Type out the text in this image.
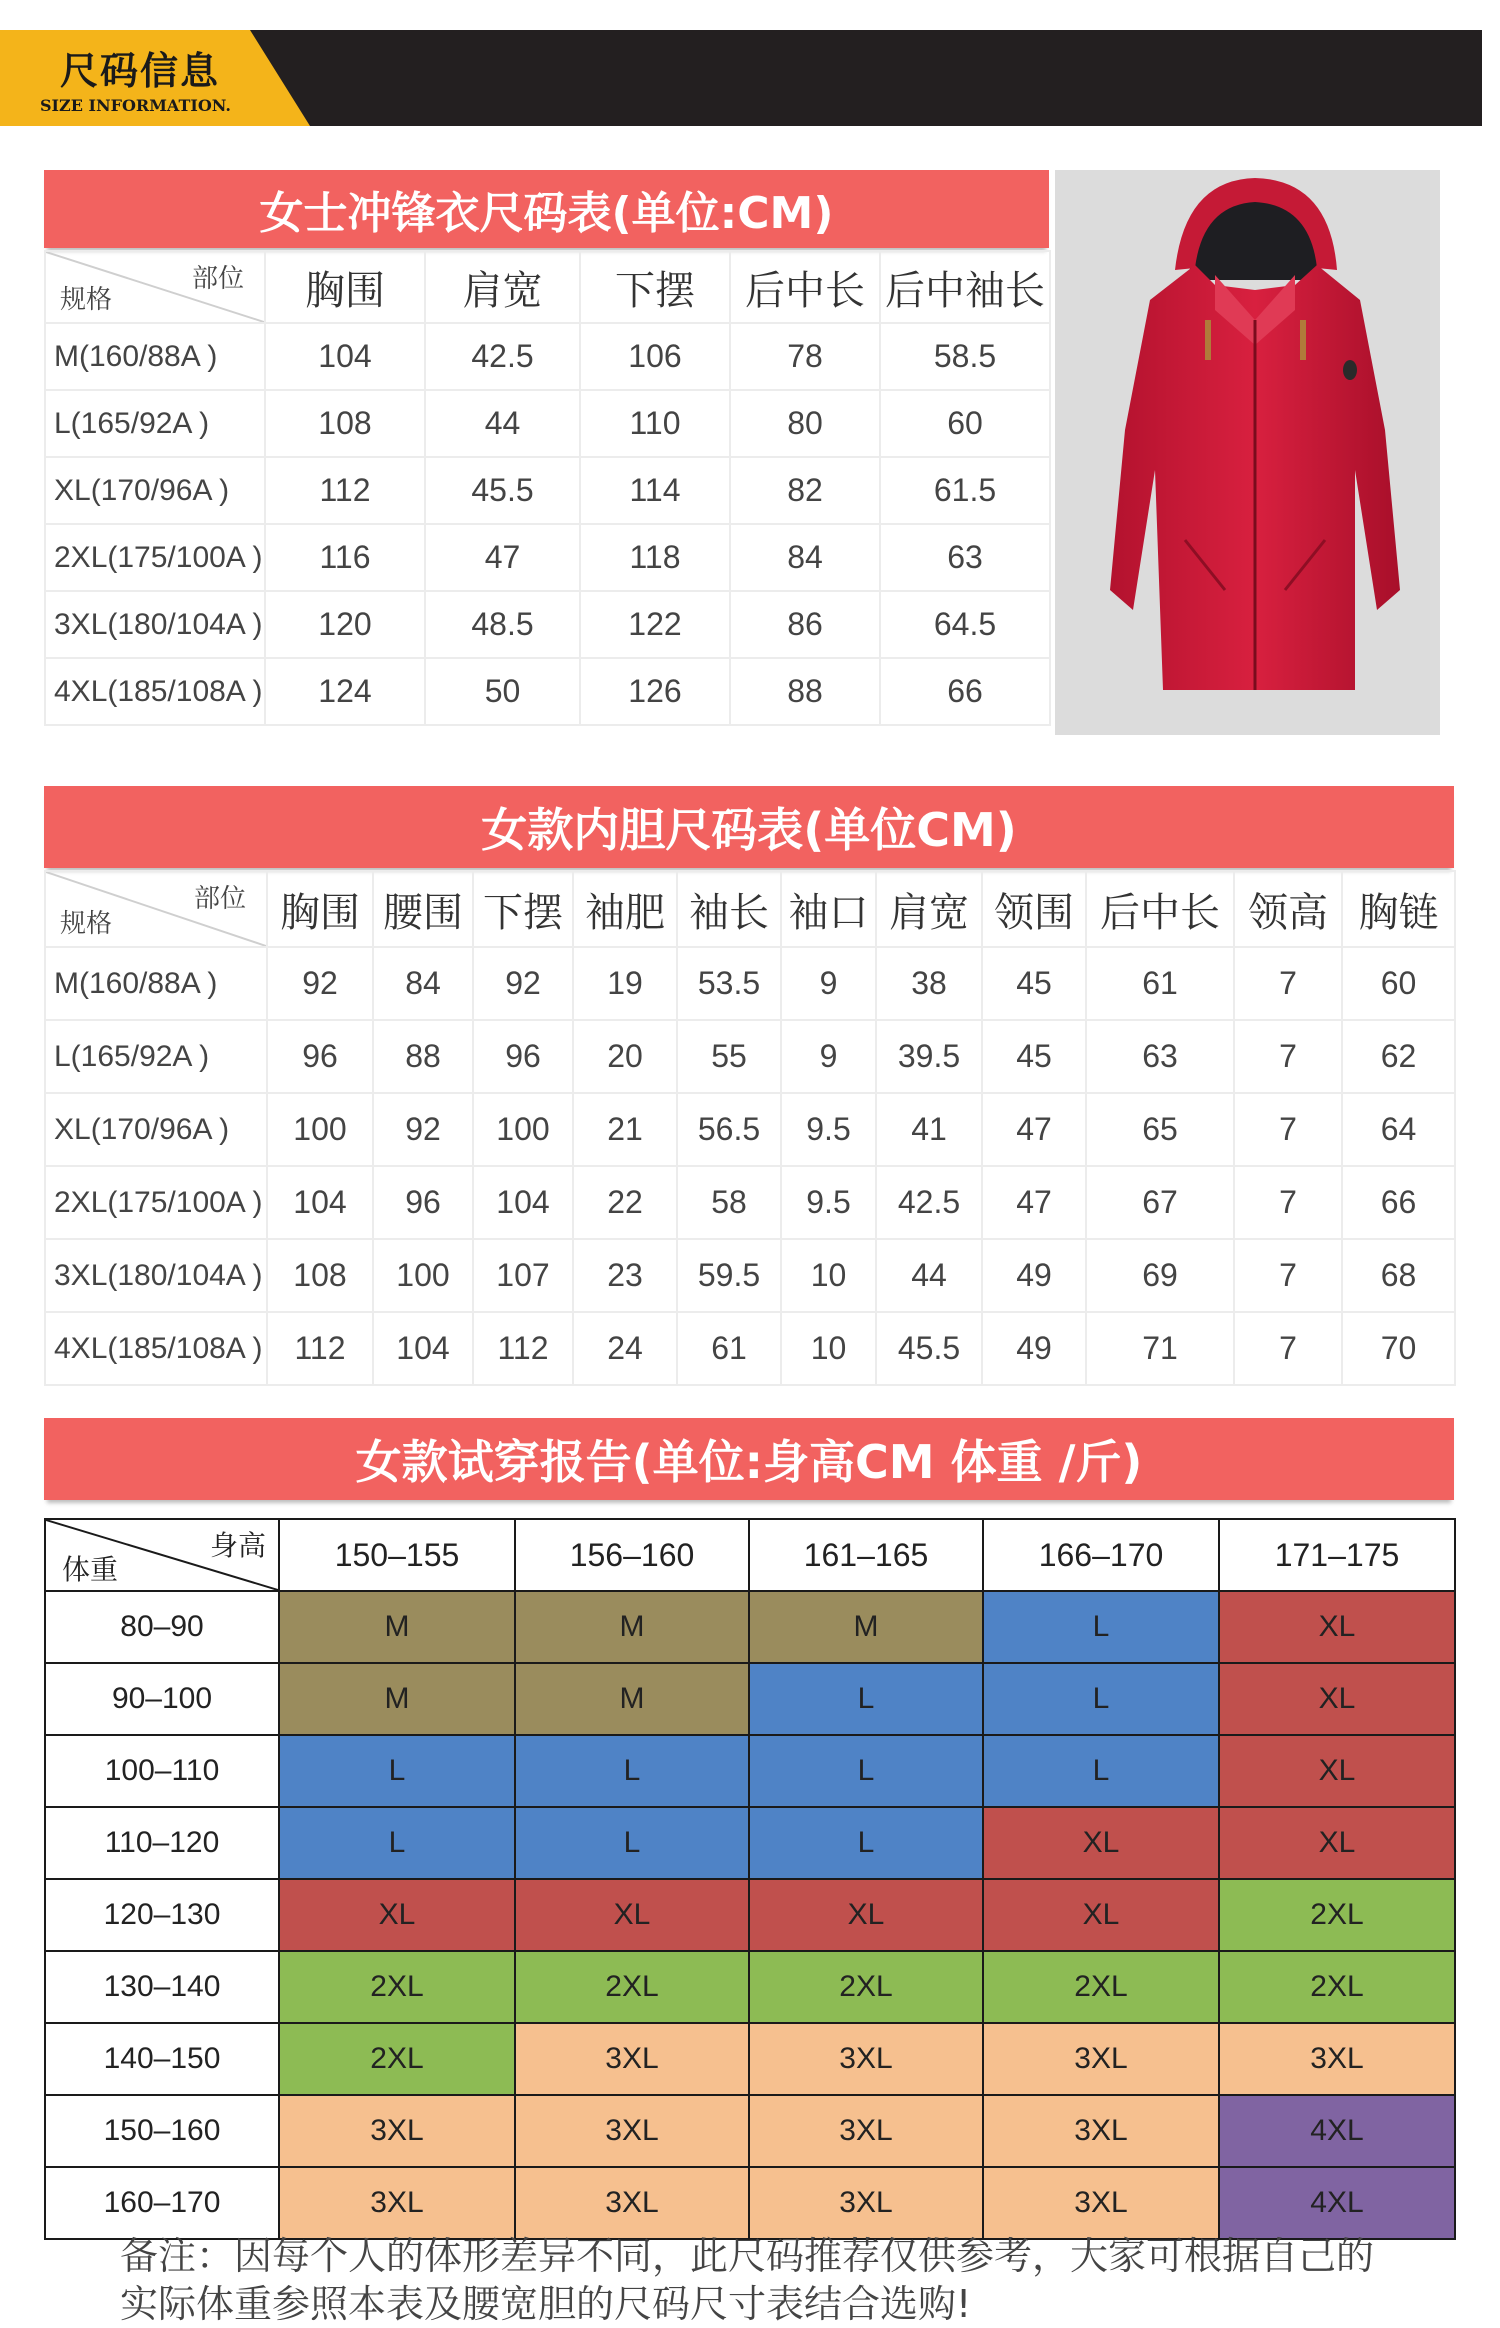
尺码信息
SIZE INFORMATION.
女士冲锋衣尺码表(单位:CM)
部位
规格	胸围	肩宽	下摆	后中长	后中袖长
M(160/88A )	104	42.5	106	78	58.5
L(165/92A )	108	44	110	80	60
XL(170/96A )	112	45.5	114	82	61.5
2XL(175/100A )	116	47	118	84	63
3XL(180/104A )	120	48.5	122	86	64.5
4XL(185/108A )	124	50	126	88	66
女款内胆尺码表(单位CM)
部位
规格	胸围	腰围	下摆	袖肥	袖长	袖口	肩宽	领围	后中长	领高	胸链
M(160/88A )	92	84	92	19	53.5	9	38	45	61	7	60
L(165/92A )	96	88	96	20	55	9	39.5	45	63	7	62
XL(170/96A )	100	92	100	21	56.5	9.5	41	47	65	7	64
2XL(175/100A )	104	96	104	22	58	9.5	42.5	47	67	7	66
3XL(180/104A )	108	100	107	23	59.5	10	44	49	69	7	68
4XL(185/108A )	112	104	112	24	61	10	45.5	49	71	7	70
女款试穿报告(单位:身高CM 体重 /斤)
身高
体重	150–155	156–160	161–165	166–170	171–175
80–90	M	M	M	L	XL
90–100	M	M	L	L	XL
100–110	L	L	L	L	XL
110–120	L	L	L	XL	XL
120–130	XL	XL	XL	XL	2XL
130–140	2XL	2XL	2XL	2XL	2XL
140–150	2XL	3XL	3XL	3XL	3XL
150–160	3XL	3XL	3XL	3XL	4XL
160–170	3XL	3XL	3XL	3XL	4XL
备注：因每个人的体形差异不同，此尺码推荐仅供参考，大家可根据自己的实际体重参照本表及腰宽胆的尺码尺寸表结合选购!
